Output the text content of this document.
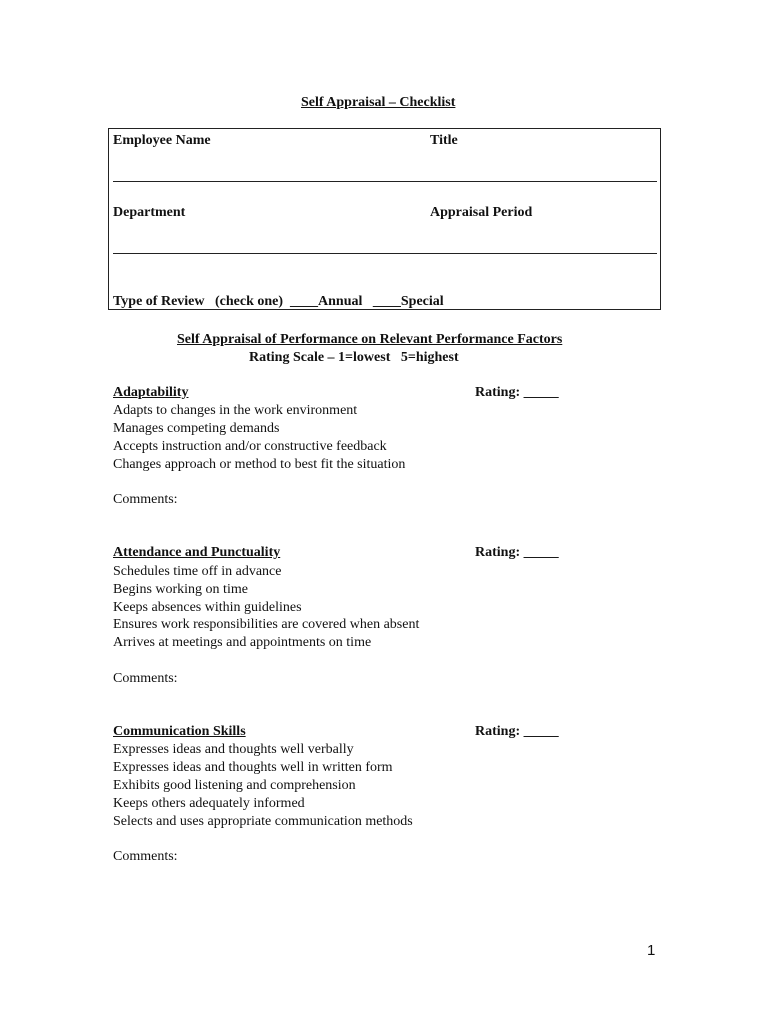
Self Appraisal – Checklist
Employee Name	Title
Department	Appraisal Period
Type of Review   (check one)  ____Annual   ____Special
Self Appraisal of Performance on Relevant Performance Factors
Rating Scale – 1=lowest   5=highest
Adaptability	Rating: _____
Adapts to changes in the work environment
Manages competing demands
Accepts instruction and/or constructive feedback
Changes approach or method to best fit the situation
Comments:
Attendance and Punctuality	Rating: _____
Schedules time off in advance
Begins working on time
Keeps absences within guidelines
Ensures work responsibilities are covered when absent
Arrives at meetings and appointments on time
Comments:
Communication Skills	Rating: _____
Expresses ideas and thoughts well verbally
Expresses ideas and thoughts well in written form
Exhibits good listening and comprehension
Keeps others adequately informed
Selects and uses appropriate communication methods
Comments:
1
